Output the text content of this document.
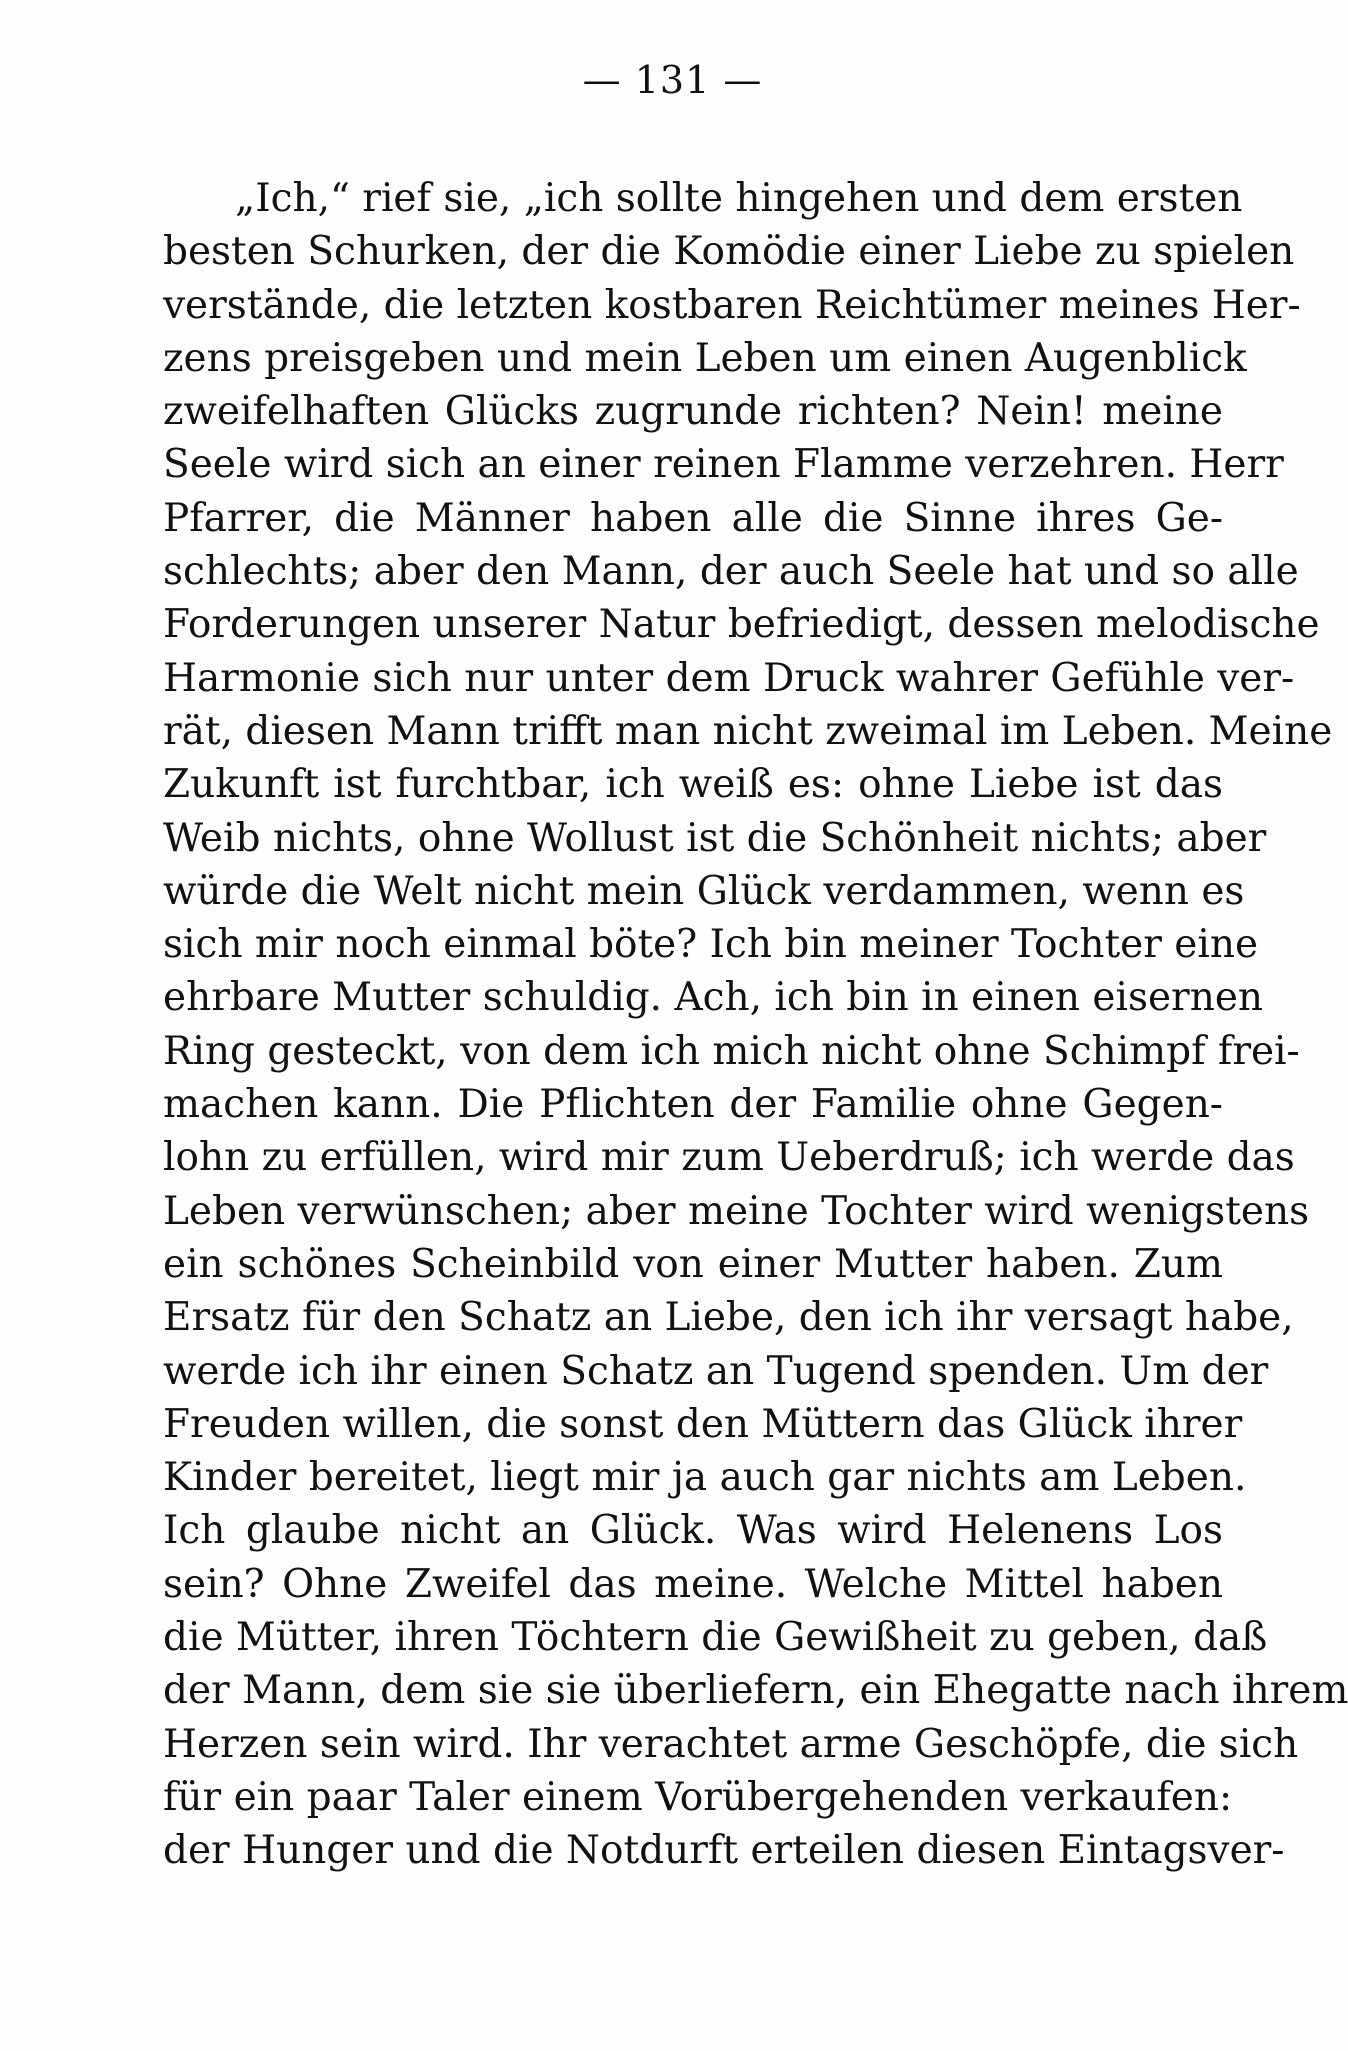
— 131 —
„Ich,“ rief sie, „ich sollte hingehen und dem ersten
besten Schurken, der die Komödie einer Liebe zu spielen
verstände, die letzten kostbaren Reichtümer meines Her-
zens preisgeben und mein Leben um einen Augenblick
zweifelhaften Glücks zugrunde richten? Nein! meine
Seele wird sich an einer reinen Flamme verzehren. Herr
Pfarrer, die Männer haben alle die Sinne ihres Ge-
schlechts; aber den Mann, der auch Seele hat und so alle
Forderungen unserer Natur befriedigt, dessen melodische
Harmonie sich nur unter dem Druck wahrer Gefühle ver-
rät, diesen Mann trifft man nicht zweimal im Leben. Meine
Zukunft ist furchtbar, ich weiß es: ohne Liebe ist das
Weib nichts, ohne Wollust ist die Schönheit nichts; aber
würde die Welt nicht mein Glück verdammen, wenn es
sich mir noch einmal böte? Ich bin meiner Tochter eine
ehrbare Mutter schuldig. Ach, ich bin in einen eisernen
Ring gesteckt, von dem ich mich nicht ohne Schimpf frei-
machen kann. Die Pflichten der Familie ohne Gegen-
lohn zu erfüllen, wird mir zum Ueberdruß; ich werde das
Leben verwünschen; aber meine Tochter wird wenigstens
ein schönes Scheinbild von einer Mutter haben. Zum
Ersatz für den Schatz an Liebe, den ich ihr versagt habe,
werde ich ihr einen Schatz an Tugend spenden. Um der
Freuden willen, die sonst den Müttern das Glück ihrer
Kinder bereitet, liegt mir ja auch gar nichts am Leben.
Ich glaube nicht an Glück. Was wird Helenens Los
sein? Ohne Zweifel das meine. Welche Mittel haben
die Mütter, ihren Töchtern die Gewißheit zu geben, daß
der Mann, dem sie sie überliefern, ein Ehegatte nach ihrem
Herzen sein wird. Ihr verachtet arme Geschöpfe, die sich
für ein paar Taler einem Vorübergehenden verkaufen:
der Hunger und die Notdurft erteilen diesen Eintagsver-
